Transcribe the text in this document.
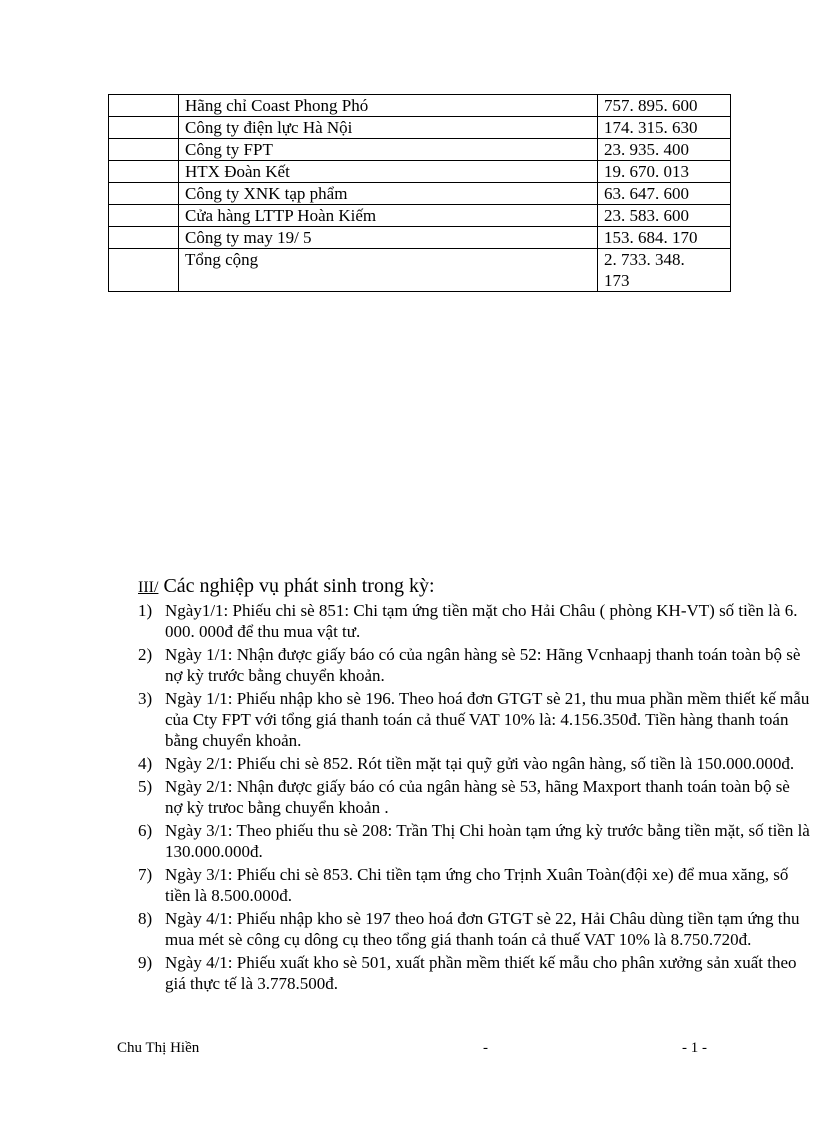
	Hãng chỉ Coast Phong Phó	757. 895. 600
	Công ty điện lực Hà Nội	174. 315. 630
	Công ty FPT	23. 935. 400
	HTX Đoàn Kết	19. 670. 013
	Công ty XNK tạp phẩm	63. 647. 600
	Cửa hàng LTTP Hoàn Kiếm	23. 583. 600
	Công ty may 19/ 5	153. 684. 170
	Tổng cộng	2. 733. 348.
173
III/ Các nghiệp vụ phát sinh trong kỳ:
1) Ngày1/1: Phiếu chi sè 851: Chi tạm ứng tiền mặt cho Hải Châu ( phòng KH-VT) số tiền là 6. 000. 000đ để thu mua vật tư.
2) Ngày 1/1: Nhận được giấy báo có của ngân hàng sè 52: Hãng Vcnhaapj thanh toán toàn bộ sè nợ kỳ trước bằng chuyển khoản.
3) Ngày 1/1: Phiếu nhập kho sè 196. Theo hoá đơn GTGT sè 21, thu mua phần mềm thiết kế mẫu của Cty FPT với tổng giá thanh toán cả thuế VAT 10% là: 4.156.350đ. Tiền hàng thanh toán bằng chuyển khoản.
4) Ngày 2/1: Phiếu chi sè 852. Rót tiền mặt tại quỹ gửi vào ngân hàng, số tiền là 150.000.000đ.
5) Ngày 2/1: Nhận được giấy báo có của ngân hàng sè 53, hãng Maxport thanh toán toàn bộ sè nợ kỳ trưoc bằng chuyển khoản .
6) Ngày 3/1: Theo phiếu thu sè 208: Trần Thị Chi hoàn tạm ứng kỳ trước bằng tiền mặt, số tiền là 130.000.000đ.
7) Ngày 3/1: Phiếu chi sè 853. Chi tiền tạm ứng cho Trịnh Xuân Toàn(đội xe) để mua xăng, số tiền là 8.500.000đ.
8) Ngày 4/1: Phiếu nhập kho sè 197 theo hoá đơn GTGT sè 22, Hải Châu dùng tiền tạm ứng thu mua mét sè công cụ dông cụ theo tổng giá thanh toán cả thuế VAT 10% là 8.750.720đ.
9) Ngày 4/1: Phiếu xuất kho sè 501, xuất phần mềm thiết kế mẫu cho phân xưởng sản xuất theo giá thực tế là 3.778.500đ.
Chu Thị Hiền	-	- 1 -
